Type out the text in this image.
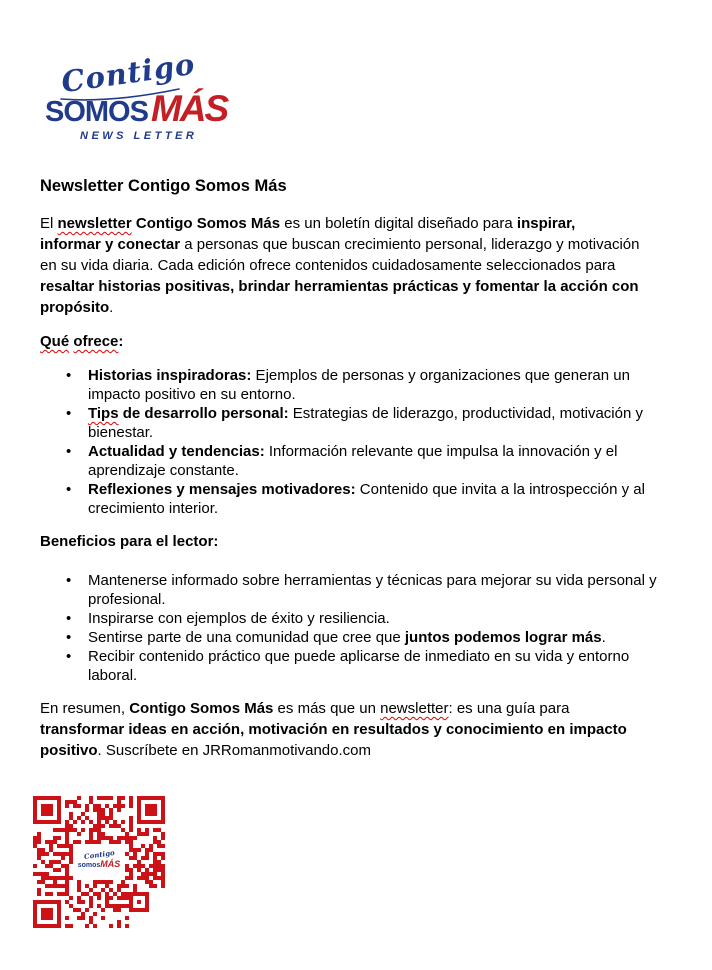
Contigo
SOMOSMÁS
NEWS LETTER
Newsletter Contigo Somos Más

El newsletter Contigo Somos Más es un boletín digital diseñado para inspirar, informar y conectar a personas que buscan crecimiento personal, liderazgo y motivación en su vida diaria. Cada edición ofrece contenidos cuidadosamente seleccionados para resaltar historias positivas, brindar herramientas prácticas y fomentar la acción con propósito.

Qué ofrece:

• Historias inspiradoras: Ejemplos de personas y organizaciones que generan un impacto positivo en su entorno.
• Tips de desarrollo personal: Estrategias de liderazgo, productividad, motivación y bienestar.
• Actualidad y tendencias: Información relevante que impulsa la innovación y el aprendizaje constante.
• Reflexiones y mensajes motivadores: Contenido que invita a la introspección y al crecimiento interior.

Beneficios para el lector:

• Mantenerse informado sobre herramientas y técnicas para mejorar su vida personal y profesional.
• Inspirarse con ejemplos de éxito y resiliencia.
• Sentirse parte de una comunidad que cree que juntos podemos lograr más.
• Recibir contenido práctico que puede aplicarse de inmediato en su vida y entorno laboral.

En resumen, Contigo Somos Más es más que un newsletter: es una guía para transformar ideas en acción, motivación en resultados y conocimiento en impacto positivo. Suscríbete en JRRomanmotivando.com

Contigo
somosMÁS
